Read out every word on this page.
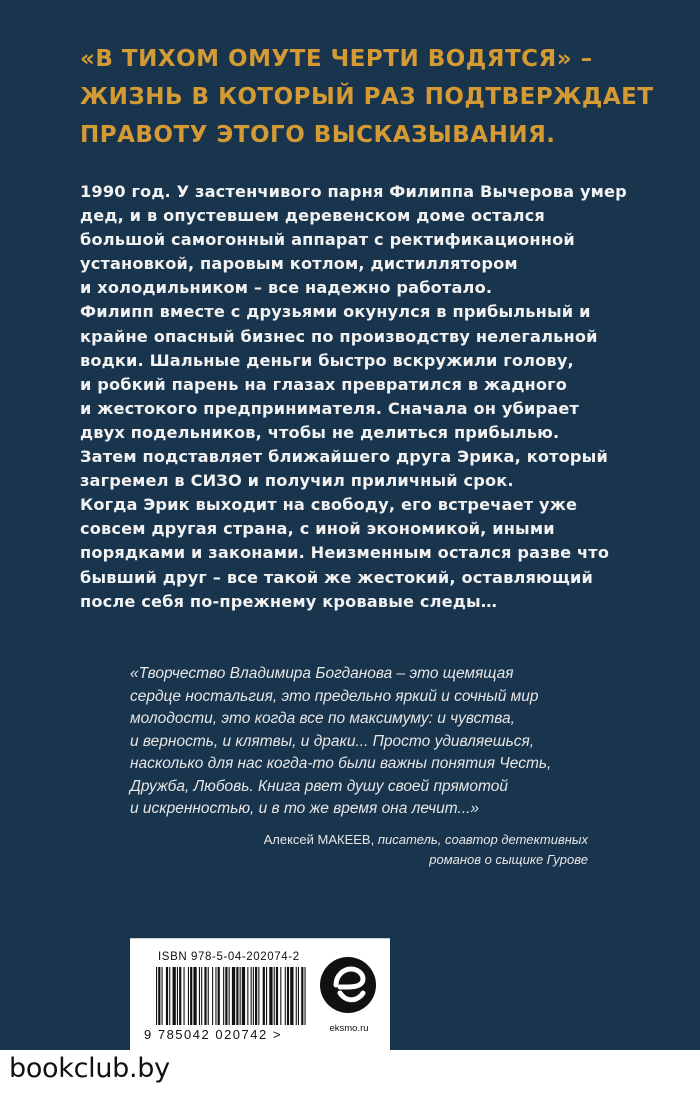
«В ТИХОМ ОМУТЕ ЧЕРТИ ВОДЯТСЯ» –
ЖИЗНЬ В КОТОРЫЙ РАЗ ПОДТВЕРЖДАЕТ
ПРАВОТУ ЭТОГО ВЫСКАЗЫВАНИЯ.
1990 год. У застенчивого парня Филиппа Вычерова умер
дед, и в опустевшем деревенском доме остался
большой самогонный аппарат с ректификационной
установкой, паровым котлом, дистиллятором
и холодильником – все надежно работало.
Филипп вместе с друзьями окунулся в прибыльный и
крайне опасный бизнес по производству нелегальной
водки. Шальные деньги быстро вскружили голову,
и робкий парень на глазах превратился в жадного
и жестокого предпринимателя. Сначала он убирает
двух подельников, чтобы не делиться прибылью.
Затем подставляет ближайшего друга Эрика, который
загремел в СИЗО и получил приличный срок.
Когда Эрик выходит на свободу, его встречает уже
совсем другая страна, с иной экономикой, иными
порядками и законами. Неизменным остался разве что
бывший друг – все такой же жестокий, оставляющий
после себя по-прежнему кровавые следы…
«Творчество Владимира Богданова – это щемящая
сердце ностальгия, это предельно яркий и сочный мир
молодости, это когда все по максимуму: и чувства,
и верность, и клятвы, и драки... Просто удивляешься,
насколько для нас когда-то были важны понятия Честь,
Дружба, Любовь. Книга рвет душу своей прямотой
и искренностью, и в то же время она лечит...»
Алексей МАКЕЕВ, писатель, соавтор детективных
романов о сыщике Гурове
ISBN 978-5-04-202074-2
9 785042 020742 >	eksmo.ru
bookclub.by
